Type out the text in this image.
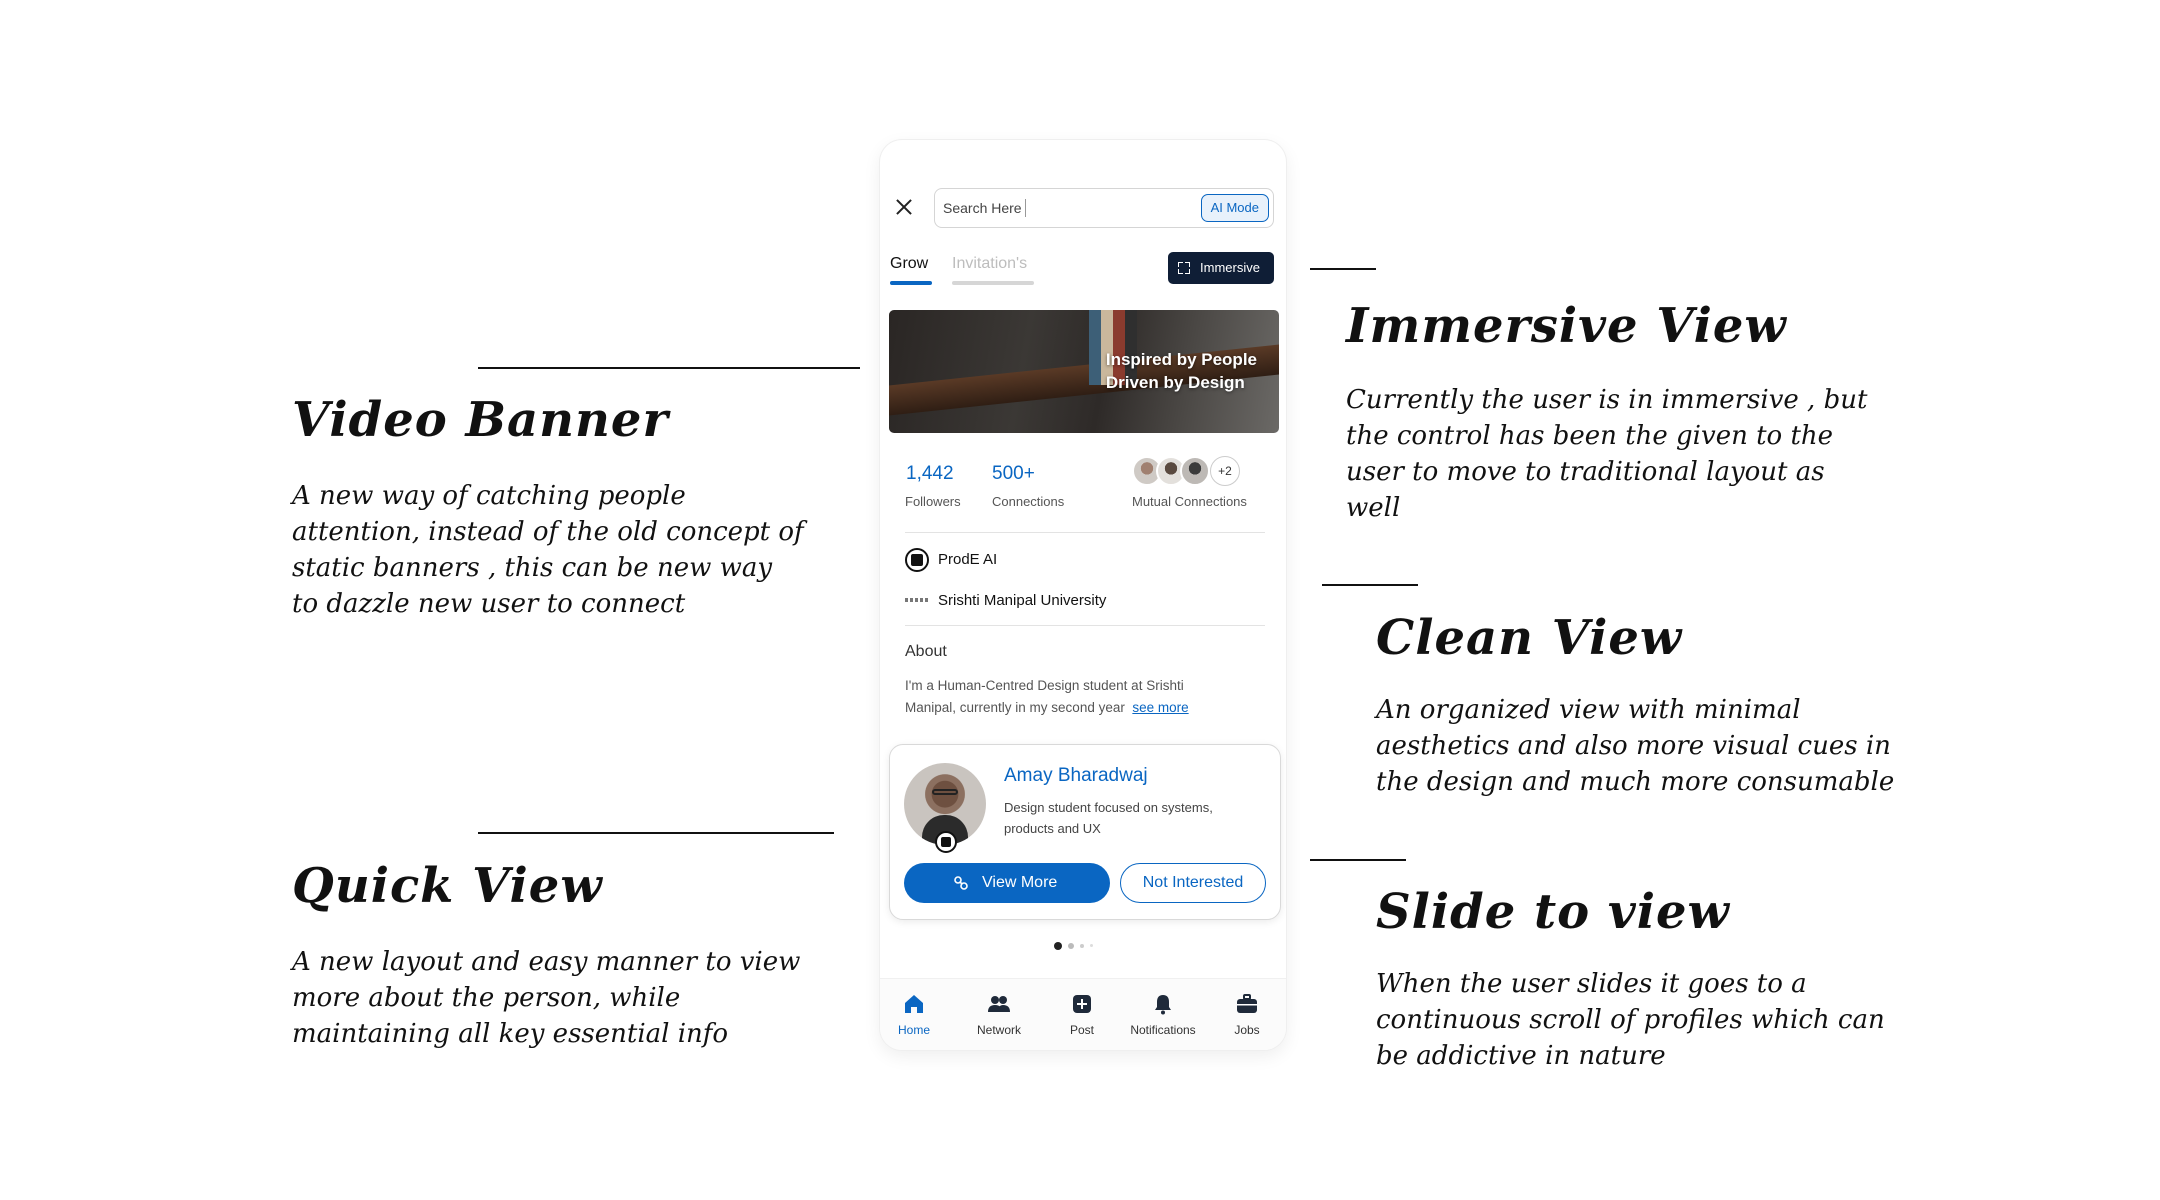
Video Banner
A new way of catching people
attention, instead of the old concept of
static banners , this can be new way
to dazzle new user to connect
Quick View
A new layout and easy manner to view
more about the person, while
maintaining all key essential info
Immersive View
Currently the user is in immersive , but
the control has been the given to the
user to move to traditional layout as
well
Clean View
An organized view with minimal
aesthetics and also more visual cues in
the design and much more consumable
Slide to view
When the user slides it goes to a
continuous scroll of profiles which can
be addictive in nature
Search Here	AI Mode
Grow Invitation's	Immersive
Inspired by People
Driven by Design
1,442
Followers
500+
Connections
+2
Mutual Connections
ProdE AI
Srishti Manipal University
About
I'm a Human-Centred Design student at Srishti Manipal, currently in my second year see more
Amay Bharadwaj
Design student focused on systems, products and UX
View More	Not Interested
Home	Network	Post	Notifications	Jobs
